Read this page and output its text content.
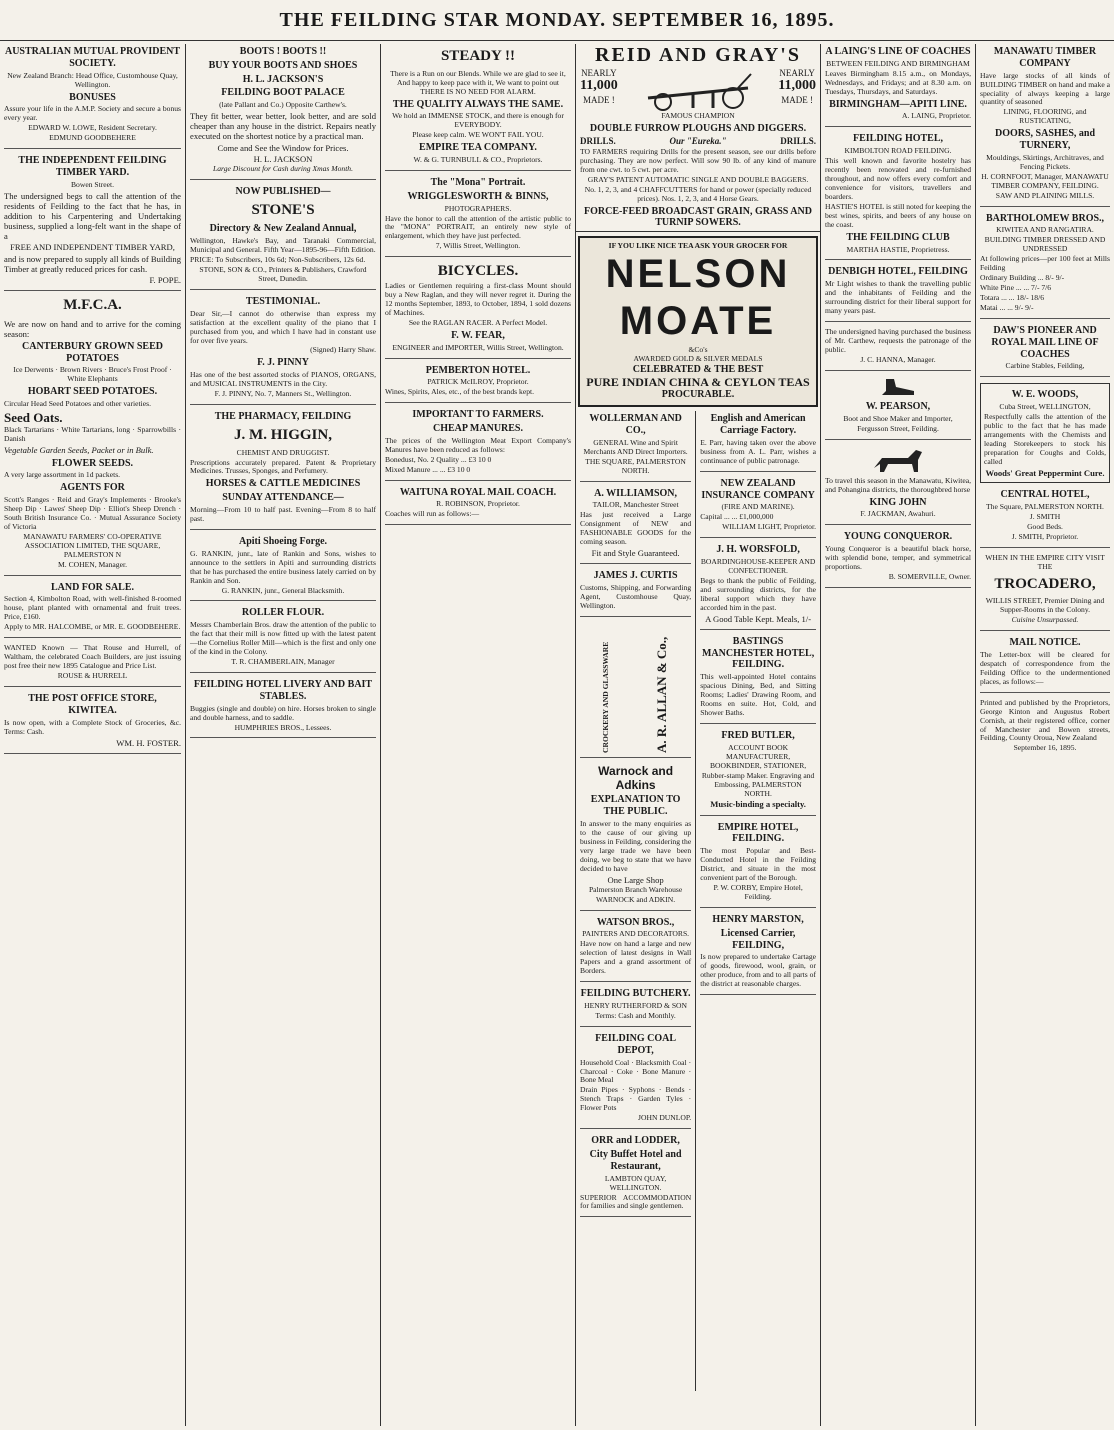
THE FEILDING STAR MONDAY. SEPTEMBER 16, 1895.
AUSTRALIAN MUTUAL PROVIDENT SOCIETY.

New Zealand Branch: Head Office, Customhouse Quay, Wellington.

BONUSES

Assure your life in the A.M.P. Society and secure a bonus every year.

EDWARD W. LOWE, Resident Secretary.

EDMUND GOODBEHERE

THE INDEPENDENT FEILDING TIMBER YARD.

Bowen Street.

The undersigned begs to call the attention of the residents of Feilding to the fact that he has, in addition to his Carpentering and Undertaking business, supplied a long-felt want in the shape of a

FREE AND INDEPENDENT TIMBER YARD,

and is now prepared to supply all kinds of Building Timber at greatly reduced prices for cash.

F. POPE.

M.F.C.A.

We are now on hand and to arrive for the coming season:

CANTERBURY GROWN SEED POTATOES

Ice Derwents · Brown Rivers · Bruce's Frost Proof · White Elephants

HOBART SEED POTATOES.

Circular Head Seed Potatoes and other varieties.

Seed Oats.

Black Tartarians · White Tartarians, long · Sparrowbills · Danish

Vegetable Garden Seeds, Packet or in Bulk.

FLOWER SEEDS.

A very large assortment in 1d packets.

AGENTS FOR

Scott's Ranges · Reid and Gray's Implements · Brooke's Sheep Dip · Lawes' Sheep Dip · Elliot's Sheep Drench · South British Insurance Co. · Mutual Assurance Society of Victoria

MANAWATU FARMERS' CO-OPERATIVE ASSOCIATION LIMITED, THE SQUARE, PALMERSTON N

M. COHEN, Manager.

LAND FOR SALE.

Section 4, Kimbolton Road, with well-finished 8-roomed house, plant planted with ornamental and fruit trees. Price, £160.

Apply to MR. HALCOMBE, or MR. E. GOODBEHERE.

WANTED Known — That Rouse and Hurrell, of Waltham, the celebrated Coach Builders, are just issuing post free their new 1895 Catalogue and Price List.

ROUSE & HURRELL

THE POST OFFICE STORE, KIWITEA.

Is now open, with a Complete Stock of Groceries, &c. Terms: Cash.

WM. H. FOSTER.

BOOTS ! BOOTS !!
BUY YOUR BOOTS AND SHOES
H. L. JACKSON'S
FEILDING BOOT PALACE

(late Pallant and Co.) Opposite Carthew's.

They fit better, wear better, look better, and are sold cheaper than any house in the district. Repairs neatly executed on the shortest notice by a practical man.

Come and See the Window for Prices.

H. L. JACKSON

Large Discount for Cash during Xmas Month.

NOW PUBLISHED—
STONE'S
Directory & New Zealand Annual,

Wellington, Hawke's Bay, and Taranaki Commercial, Municipal and General. Fifth Year—1895-96—Fifth Edition.

PRICE: To Subscribers, 10s 6d; Non-Subscribers, 12s 6d.

STONE, SON & CO., Printers & Publishers, Crawford Street, Dunedin.

TESTIMONIAL.

Dear Sir,—I cannot do otherwise than express my satisfaction at the excellent quality of the piano that I purchased from you, and which I have had in constant use for over five years.

(Signed) Harry Shaw.

F. J. PINNY

Has one of the best assorted stocks of PIANOS, ORGANS, and MUSICAL INSTRUMENTS in the City.

F. J. PINNY, No. 7, Manners St., Wellington.

THE PHARMACY, FEILDING
J. M. HIGGIN,

CHEMIST AND DRUGGIST.

Prescriptions accurately prepared. Patent & Proprietary Medicines. Trusses, Sponges, and Perfumery.

HORSES & CATTLE MEDICINES
SUNDAY ATTENDANCE—

Morning—From 10 to half past. Evening—From 8 to half past.

Apiti Shoeing Forge.

G. RANKIN, junr., late of Rankin and Sons, wishes to announce to the settlers in Apiti and surrounding districts that he has purchased the entire business lately carried on by Rankin and Son.

G. RANKIN, junr., General Blacksmith.

ROLLER FLOUR.

Messrs Chamberlain Bros. draw the attention of the public to the fact that their mill is now fitted up with the latest patent—the Cornelius Roller Mill—which is the first and only one of the kind in the Colony.

T. R. CHAMBERLAIN, Manager

FEILDING HOTEL LIVERY AND BAIT STABLES.

Buggies (single and double) on hire. Horses broken to single and double harness, and to saddle.

HUMPHRIES BROS., Lessees.

STEADY !!

There is a Run on our Blends. While we are glad to see it, And happy to keep pace with it, We want to point out THERE IS NO NEED FOR ALARM.

THE QUALITY ALWAYS THE SAME.

We hold an IMMENSE STOCK, and there is enough for EVERYBODY.

Please keep calm. WE WON'T FAIL YOU.

EMPIRE TEA COMPANY.

W. & G. TURNBULL & CO., Proprietors.

The "Mona" Portrait.
WRIGGLESWORTH & BINNS,

PHOTOGRAPHERS.

Have the honor to call the attention of the artistic public to the "MONA" PORTRAIT, an entirely new style of enlargement, which they have just perfected.

7, Willis Street, Wellington.

BICYCLES.

Ladies or Gentlemen requiring a first-class Mount should buy a New Raglan, and they will never regret it. During the 12 months September, 1893, to October, 1894, 1 sold dozens of Machines.

See the RAGLAN RACER. A Perfect Model.

F. W. FEAR,

ENGINEER and IMPORTER, Willis Street, Wellington.

PEMBERTON HOTEL.

PATRICK McILROY, Proprietor.

Wines, Spirits, Ales, etc., of the best brands kept.

IMPORTANT TO FARMERS.
CHEAP MANURES.

The prices of the Wellington Meat Export Company's Manures have been reduced as follows:

Bonedust, No. 2 Quality ... £3 10 0

Mixed Manure ... ... £3 10 0

WAITUNA ROYAL MAIL COACH.

R. ROBINSON, Proprietor.

Coaches will run as follows:—

REID AND GRAY'S
NEARLY
11,000
MADE !
NEARLY
11,000
MADE !
FAMOUS CHAMPION
DOUBLE FURROW PLOUGHS AND DIGGERS.
DRILLS.	Our "Eureka."	DRILLS.

TO FARMERS requiring Drills for the present season, see our drills before purchasing. They are now perfect. Will sow 90 lb. of any kind of manure from one cwt. to 5 cwt. per acre.

GRAY'S PATENT AUTOMATIC SINGLE AND DOUBLE BAGGERS.

No. 1, 2, 3, and 4 CHAFFCUTTERS for hand or power (specially reduced prices). Nos. 1, 2, 3, and 4 Horse Gears.

FORCE-FEED BROADCAST GRAIN, GRASS AND TURNIP SOWERS.
IF YOU LIKE NICE TEA ASK YOUR GROCER FOR
NELSON MOATE
&Co's
AWARDED GOLD & SILVER MEDALS
CELEBRATED & THE BEST
PURE INDIAN CHINA & CEYLON TEAS
PROCURABLE.
WOLLERMAN AND CO.,

GENERAL Wine and Spirit Merchants AND Direct Importers.

THE SQUARE, PALMERSTON NORTH.

A. WILLIAMSON,

TAILOR, Manchester Street

Has just received a Large Consignment of NEW and FASHIONABLE GOODS for the coming season.

Fit and Style Guaranteed.

JAMES J. CURTIS

Customs, Shipping, and Forwarding Agent, Customhouse Quay, Wellington.

CROCKERY AND GLASSWARE	A. R. ALLAN & Co.,
Warnock and Adkins
EXPLANATION TO THE PUBLIC.

In answer to the many enquiries as to the cause of our giving up business in Feilding, considering the very large trade we have been doing, we beg to state that we have decided to have

One Large Shop

Palmerston Branch Warehouse

WARNOCK and ADKIN.

WATSON BROS.,

PAINTERS AND DECORATORS.

Have now on hand a large and new selection of latest designs in Wall Papers and a grand assortment of Borders.

FEILDING BUTCHERY.

HENRY RUTHERFORD & SON

Terms: Cash and Monthly.

FEILDING COAL DEPOT,

Household Coal · Blacksmith Coal · Charcoal · Coke · Bone Manure · Bone Meal

Drain Pipes · Syphons · Bends · Stench Traps · Garden Tyles · Flower Pots

JOHN DUNLOP.

ORR and LODDER,
City Buffet Hotel and Restaurant,

LAMBTON QUAY, WELLINGTON.

SUPERIOR ACCOMMODATION for families and single gentlemen.

English and American Carriage Factory.

E. Parr, having taken over the above business from A. L. Parr, wishes a continuance of public patronage.

NEW ZEALAND INSURANCE COMPANY

(FIRE AND MARINE).

Capital ... ... £1,000,000

WILLIAM LIGHT, Proprietor.

J. H. WORSFOLD,

BOARDINGHOUSE-KEEPER AND CONFECTIONER.

Begs to thank the public of Feilding, and surrounding districts, for the liberal support which they have accorded him in the past.

A Good Table Kept. Meals, 1/-

BASTINGS MANCHESTER HOTEL, FEILDING.

This well-appointed Hotel contains spacious Dining, Bed, and Sitting Rooms; Ladies' Drawing Room, and Rooms en suite. Hot, Cold, and Shower Baths.

FRED BUTLER,

ACCOUNT BOOK MANUFACTURER, BOOKBINDER, STATIONER,

Rubber-stamp Maker. Engraving and Embossing, PALMERSTON NORTH.

Music-binding a specialty.

EMPIRE HOTEL, FEILDING.

The most Popular and Best-Conducted Hotel in the Feilding District, and situate in the most convenient part of the Borough.

P. W. CORBY, Empire Hotel, Feilding.

HENRY MARSTON,
Licensed Carrier, FEILDING,

Is now prepared to undertake Cartage of goods, firewood, wool, grain, or other produce, from and to all parts of the district at reasonable charges.

A LAING'S LINE OF COACHES

BETWEEN FEILDING AND BIRMINGHAM

Leaves Birmingham 8.15 a.m., on Mondays, Wednesdays, and Fridays; and at 8.30 a.m. on Tuesdays, Thursdays, and Saturdays.

BIRMINGHAM—APITI LINE.

A. LAING, Proprietor.

FEILDING HOTEL,

KIMBOLTON ROAD FEILDING.

This well known and favorite hostelry has recently been renovated and re-furnished throughout, and now offers every comfort and convenience for visitors, travellers and boarders.

HASTIE'S HOTEL is still noted for keeping the best wines, spirits, and beers of any house on the coast.

THE FEILDING CLUB

MARTHA HASTIE, Proprietress.

DENBIGH HOTEL, FEILDING

Mr Light wishes to thank the travelling public and the inhabitants of Feilding and the surrounding district for their liberal support for many years past.

The undersigned having purchased the business of Mr. Carthew, requests the patronage of the public.

J. C. HANNA, Manager.

W. PEARSON,

Boot and Shoe Maker and Importer,

Fergusson Street, Feilding.

To travel this season in the Manawatu, Kiwitea, and Pohangina districts, the thoroughbred horse

KING JOHN

F. JACKMAN, Awahuri.

YOUNG CONQUEROR.

Young Conqueror is a beautiful black horse, with splendid bone, temper, and symmetrical proportions.

B. SOMERVILLE, Owner.

MANAWATU TIMBER COMPANY

Have large stocks of all kinds of BUILDING TIMBER on hand and make a speciality of always keeping a large quantity of seasoned

LINING, FLOORING, and RUSTICATING,

DOORS, SASHES, and TURNERY,

Mouldings, Skirtings, Architraves, and Fencing Pickets.

H. CORNFOOT, Manager, MANAWATU TIMBER COMPANY, FEILDING.

SAW AND PLAINING MILLS.

BARTHOLOMEW BROS.,

KIWITEA AND RANGATIRA.

BUILDING TIMBER DRESSED AND UNDRESSED

At following prices—per 100 feet at Mills Feilding

Ordinary Building ... 8/- 9/-

White Pine ... ... 7/- 7/6

Totara ... ... 18/- 18/6

Matai ... ... 9/- 9/-

DAW'S PIONEER AND ROYAL MAIL LINE OF COACHES

Carbine Stables, Feilding,

W. E. WOODS,

Cuba Street, WELLINGTON,

Respectfully calls the attention of the public to the fact that he has made arrangements with the Chemists and leading Storekeepers to stock his preparation for Coughs and Colds, called

Woods' Great Peppermint Cure.

CENTRAL HOTEL,

The Square, PALMERSTON NORTH.

J. SMITH

Good Beds.

J. SMITH, Proprietor.

WHEN IN THE EMPIRE CITY VISIT THE

TROCADERO,

WILLIS STREET, Premier Dining and Supper-Rooms in the Colony.

Cuisine Unsurpassed.

MAIL NOTICE.

The Letter-box will be cleared for despatch of correspondence from the Feilding Office to the undermentioned places, as follows:—

Printed and published by the Proprietors, George Kinton and Augustus Robert Cornish, at their registered office, corner of Manchester and Bowen streets, Feilding, County Oroua, New Zealand

September 16, 1895.
